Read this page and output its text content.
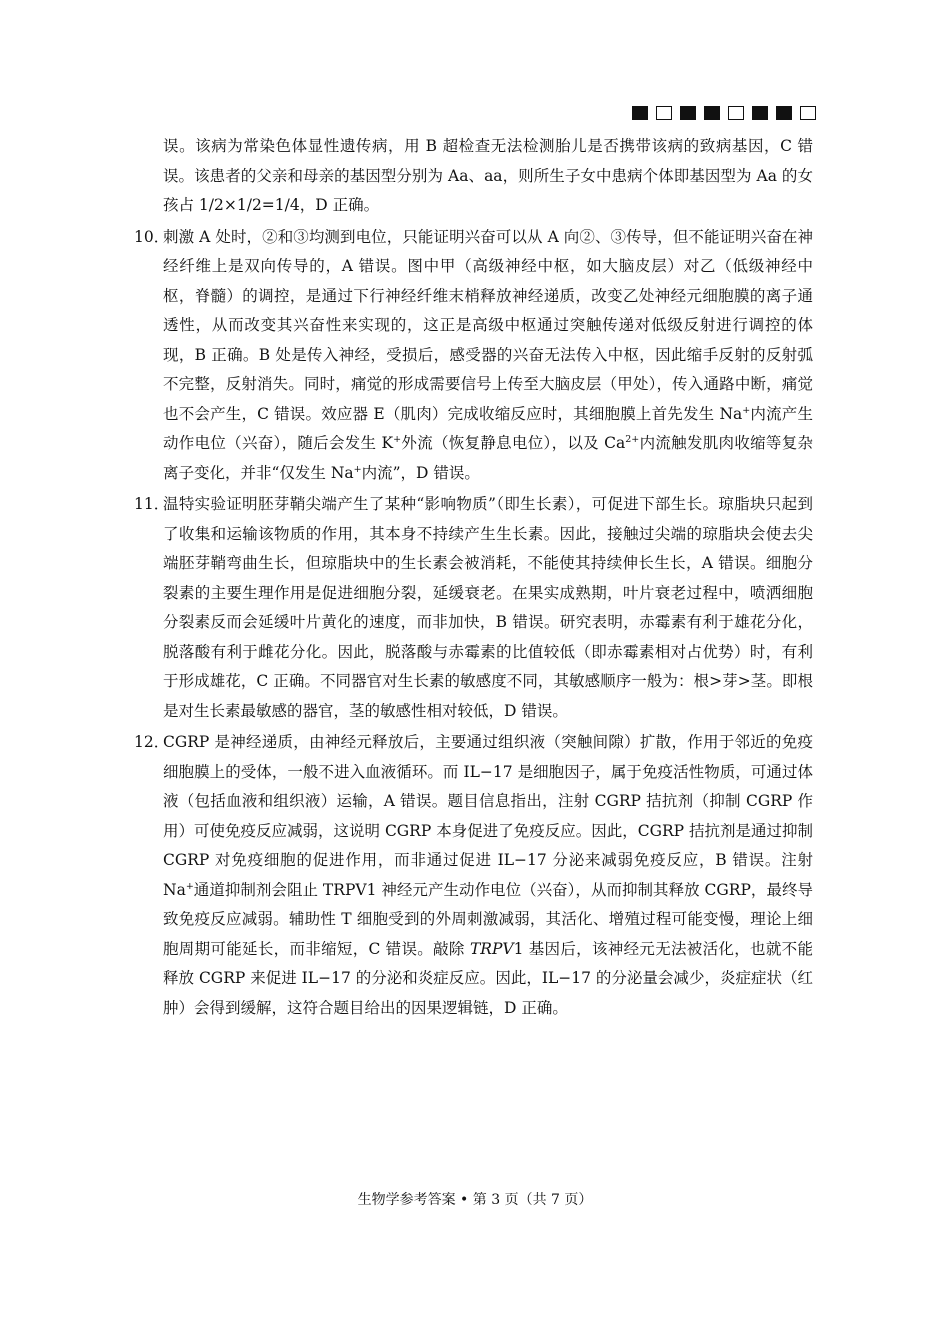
误。该病为常染色体显性遗传病，用 B 超检查无法检测胎儿是否携带该病的致病基因，C 错误。该患者的父亲和母亲的基因型分别为 Aa、aa，则所生子女中患病个体即基因型为 Aa 的女孩占 1/2×1/2=1/4，D 正确。

10．
刺激 A 处时，②和③均测到电位，只能证明兴奋可以从 A 向②、③传导，但不能证明兴奋在神经纤维上是双向传导的，A 错误。图中甲（高级神经中枢，如大脑皮层）对乙（低级神经中枢，脊髓）的调控，是通过下行神经纤维末梢释放神经递质，改变乙处神经元细胞膜的离子通透性，从而改变其兴奋性来实现的，这正是高级中枢通过突触传递对低级反射进行调控的体现，B 正确。B 处是传入神经，受损后，感受器的兴奋无法传入中枢，因此缩手反射的反射弧不完整，反射消失。同时，痛觉的形成需要信号上传至大脑皮层（甲处），传入通路中断，痛觉也不会产生，C 错误。效应器 E（肌肉）完成收缩反应时，其细胞膜上首先发生 Na+内流产生动作电位（兴奋），随后会发生 K+外流（恢复静息电位），以及 $Ca^{2+}$内流触发肌肉收缩等复杂离子变化，并非“仅发生 Na+内流”，D 错误。

11．
温特实验证明胚芽鞘尖端产生了某种“影响物质”（即生长素），可促进下部生长。琼脂块只起到了收集和运输该物质的作用，其本身不持续产生生长素。因此，接触过尖端的琼脂块会使去尖端胚芽鞘弯曲生长，但琼脂块中的生长素会被消耗，不能使其持续伸长生长，A 错误。细胞分裂素的主要生理作用是促进细胞分裂，延缓衰老。在果实成熟期，叶片衰老过程中，喷洒细胞分裂素反而会延缓叶片黄化的速度，而非加快，B 错误。研究表明，赤霉素有利于雄花分化，脱落酸有利于雌花分化。因此，脱落酸与赤霉素的比值较低（即赤霉素相对占优势）时，有利于形成雄花，C 正确。不同器官对生长素的敏感度不同，其敏感顺序一般为：根>芽>茎。即根是对生长素最敏感的器官，茎的敏感性相对较低，D 错误。

12．
CGRP 是神经递质，由神经元释放后，主要通过组织液（突触间隙）扩散，作用于邻近的免疫细胞膜上的受体，一般不进入血液循环。而 IL−17 是细胞因子，属于免疫活性物质，可通过体液（包括血液和组织液）运输，A 错误。题目信息指出，注射 CGRP 拮抗剂（抑制 CGRP 作用）可使免疫反应减弱，这说明 CGRP 本身促进了免疫反应。因此，CGRP 拮抗剂是通过抑制 CGRP 对免疫细胞的促进作用，而非通过促进 IL−17 分泌来减弱免疫反应，B 错误。注射 Na+通道抑制剂会阻止 TRPV1 神经元产生动作电位（兴奋），从而抑制其释放 CGRP，最终导致免疫反应减弱。辅助性 T 细胞受到的外周刺激减弱，其活化、增殖过程可能变慢，理论上细胞周期可能延长，而非缩短，C 错误。敲除 TRPV1 基因后，该神经元无法被活化，也就不能释放 CGRP 来促进 IL−17 的分泌和炎症反应。因此，IL−17 的分泌量会减少，炎症症状（红肿）会得到缓解，这符合题目给出的因果逻辑链，D 正确。

生物学参考答案 • 第 3 页（共 7 页）
